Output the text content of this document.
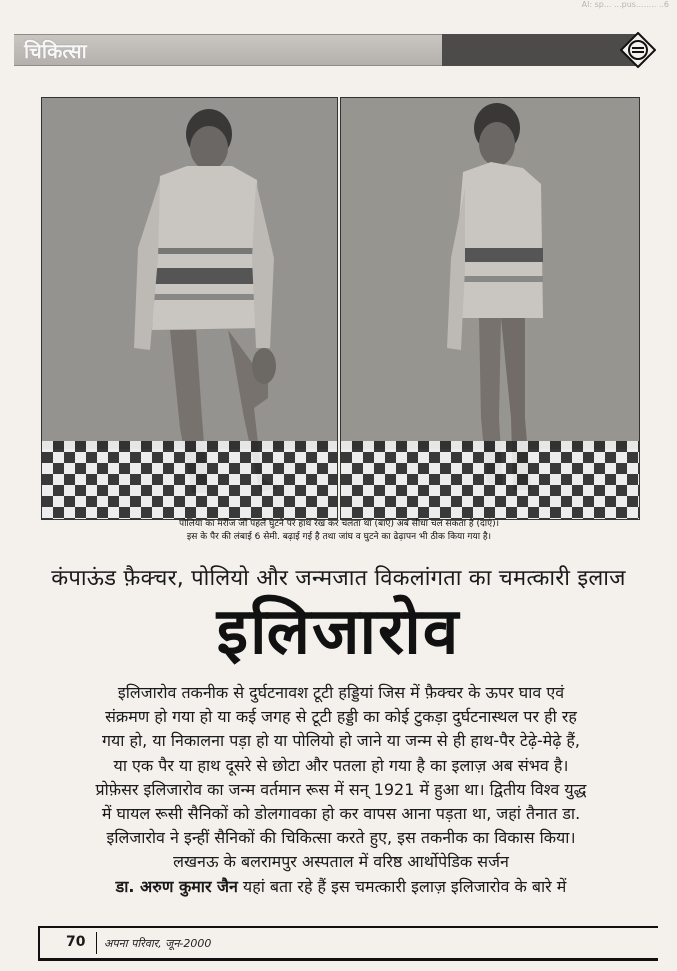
Al: sp... ...pus........ ..6
चिकित्सा
पोलिया का मरीज जो पहले घुटने पर हाथ रख कर चलता था (बाएं) अब सीधा चल सकता है (दाएं)।
इस के पैर की लंबाई 6 सेमी. बढ़ाई गई है तथा जांघ व घुटने का ढेढ़ापन भी ठीक किया गया है।
कंपाऊंड फ़ैक्चर, पोलियो और जन्मजात विकलांगता का चमत्कारी इलाज
इलिजारोव
इलिजारोव तकनीक से दुर्घटनावश टूटी हड्डियां जिस में फ़ैक्चर के ऊपर घाव एवं
संक्रमण हो गया हो या कई जगह से टूटी हड्डी का कोई टुकड़ा दुर्घटनास्थल पर ही रह
गया हो, या निकालना पड़ा हो या पोलियो हो जाने या जन्म से ही हाथ-पैर टेढ़े-मेढ़े हैं,
या एक पैर या हाथ दूसरे से छोटा और पतला हो गया है का इलाज़ अब संभव है।
प्रोफ़ेसर इलिजारोव का जन्म वर्तमान रूस में सन् 1921 में हुआ था। द्वितीय विश्व युद्ध
में घायल रूसी सैनिकों को डोलगावका हो कर वापस आना पड़ता था, जहां तैनात डा.
इलिजारोव ने इन्हीं सैनिकों की चिकित्सा करते हुए, इस तकनीक का विकास किया।
लखनऊ के बलरामपुर अस्पताल में वरिष्ठ आर्थोपेडिक सर्जन
डा. अरुण कुमार जैन यहां बता रहे हैं इस चमत्कारी इलाज़ इलिजारोव के बारे में
70 अपना परिवार, जून-2000
